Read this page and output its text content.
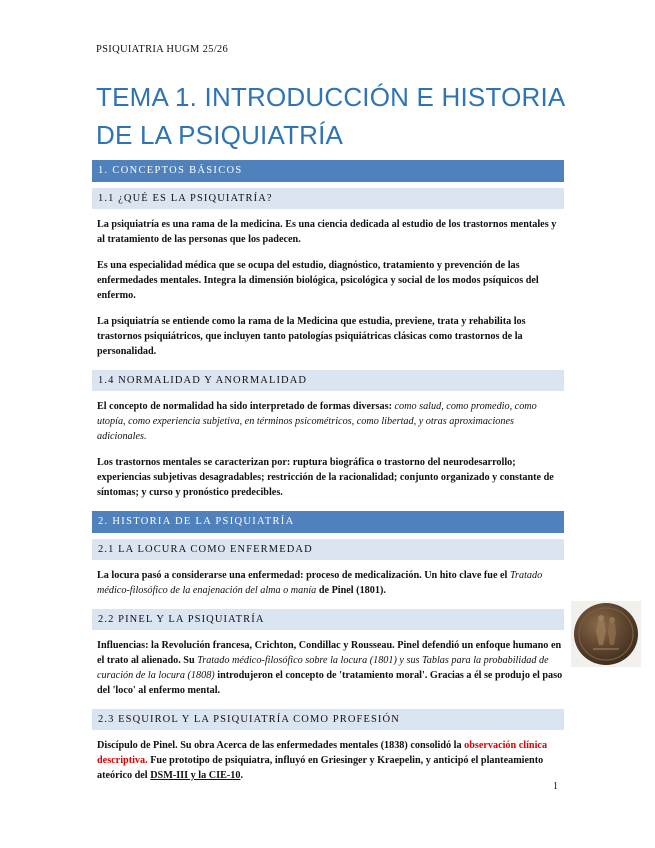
PSIQUIATRIA HUGM 25/26
TEMA 1. INTRODUCCIÓN E HISTORIA DE LA PSIQUIATRÍA
1. CONCEPTOS BÁSICOS
1.1 ¿QUÉ ES LA PSIQUIATRÍA?

La psiquiatría es una rama de la medicina. Es una ciencia dedicada al estudio de los trastornos mentales y al tratamiento de las personas que los padecen.

Es una especialidad médica que se ocupa del estudio, diagnóstico, tratamiento y prevención de las enfermedades mentales. Integra la dimensión biológica, psicológica y social de los modos psíquicos del enfermo.

La psiquiatría se entiende como la rama de la Medicina que estudia, previene, trata y rehabilita los trastornos psiquiátricos, que incluyen tanto patologías psiquiátricas clásicas como trastornos de la personalidad.

1.4 NORMALIDAD Y ANORMALIDAD

El concepto de normalidad ha sido interpretado de formas diversas: como salud, como promedio, como utopía, como experiencia subjetiva, en términos psicométricos, como libertad, y otras aproximaciones adicionales.

Los trastornos mentales se caracterizan por: ruptura biográfica o trastorno del neurodesarrollo; experiencias subjetivas desagradables; restricción de la racionalidad; conjunto organizado y constante de síntomas; y curso y pronóstico predecibles.

2. HISTORIA DE LA PSIQUIATRÍA
2.1 LA LOCURA COMO ENFERMEDAD

La locura pasó a considerarse una enfermedad: proceso de medicalización. Un hito clave fue el Tratado médico-filosófico de la enajenación del alma o manía de Pinel (1801).

2.2 PINEL Y LA PSIQUIATRÍA

Influencias: la Revolución francesa, Crichton, Condillac y Rousseau. Pinel defendió un enfoque humano en el trato al alienado. Su Tratado médico-filosófico sobre la locura (1801) y sus Tablas para la probabilidad de curación de la locura (1808) introdujeron el concepto de 'tratamiento moral'. Gracias a él se produjo el paso del 'loco' al enfermo mental.

2.3 ESQUIROL Y LA PSIQUIATRÍA COMO PROFESIÓN

Discípulo de Pinel. Su obra Acerca de las enfermedades mentales (1838) consolidó la observación clínica descriptiva. Fue prototipo de psiquiatra, influyó en Griesinger y Kraepelin, y anticipó el planteamiento ateórico del DSM-III y la CIE-10.

1
